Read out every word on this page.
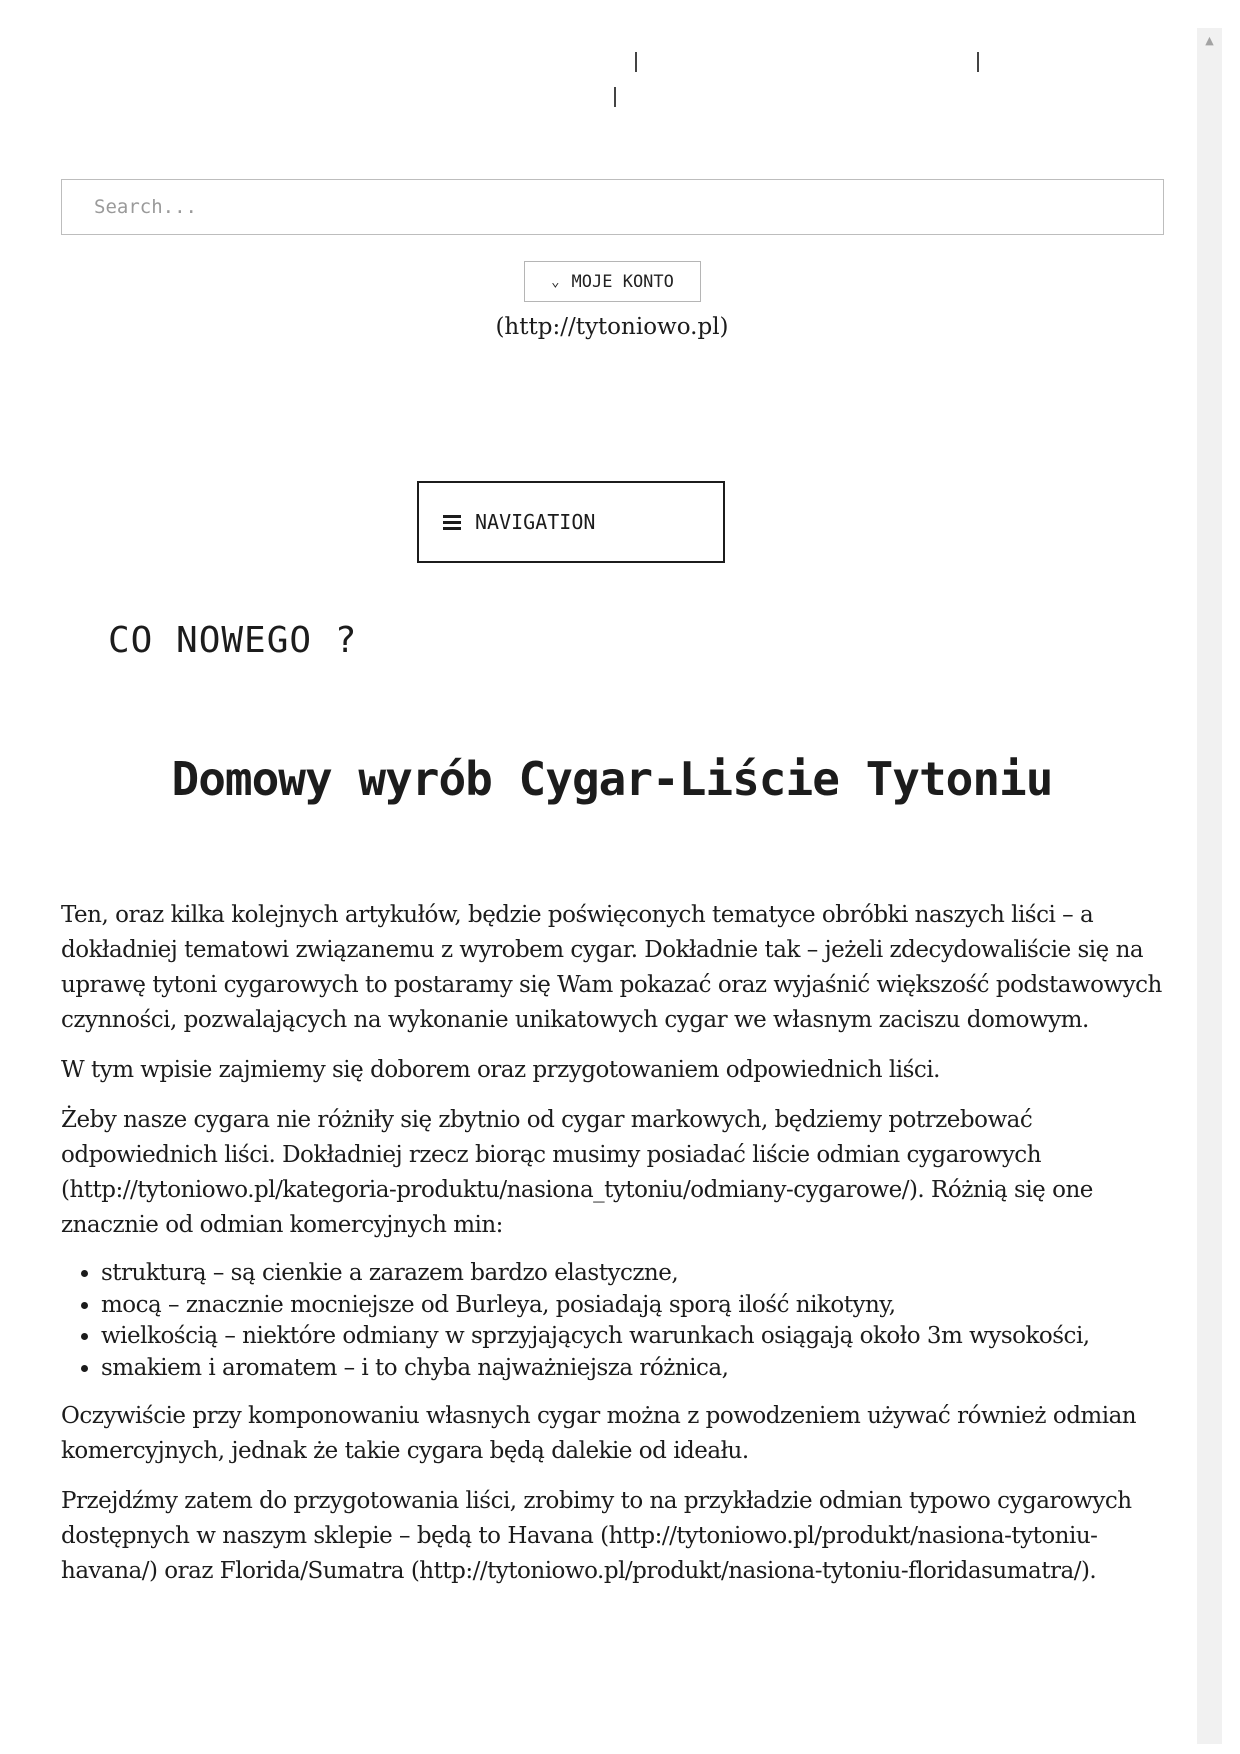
Search...
⌄ MOJE KONTO
(http://tytoniowo.pl)
NAVIGATION
CO NOWEGO ?
Domowy wyrób Cygar-Liście Tytoniu

Ten, oraz kilka kolejnych artykułów, będzie poświęconych tematyce obróbki naszych liści – a dokładniej tematowi związanemu z wyrobem cygar. Dokładnie tak – jeżeli zdecydowaliście się na uprawę tytoni cygarowych to postaramy się Wam pokazać oraz wyjaśnić większość podstawowych czynności, pozwalających na wykonanie unikatowych cygar we własnym zaciszu domowym.

W tym wpisie zajmiemy się doborem oraz przygotowaniem odpowiednich liści.

Żeby nasze cygara nie różniły się zbytnio od cygar markowych, będziemy potrzebować odpowiednich liści. Dokładniej rzecz biorąc musimy posiadać liście odmian cygarowych (http://tytoniowo.pl/kategoria-produktu/nasiona_tytoniu/odmiany-cygarowe/). Różnią się one znacznie od odmian komercyjnych min:

• strukturą – są cienkie a zarazem bardzo elastyczne,
• mocą – znacznie mocniejsze od Burleya, posiadają sporą ilość nikotyny,
• wielkością – niektóre odmiany w sprzyjających warunkach osiągają około 3m wysokości,
• smakiem i aromatem – i to chyba najważniejsza różnica,

Oczywiście przy komponowaniu własnych cygar można z powodzeniem używać również odmian komercyjnych, jednak że takie cygara będą dalekie od ideału.

Przejdźmy zatem do przygotowania liści, zrobimy to na przykładzie odmian typowo cygarowych dostępnych w naszym sklepie – będą to Havana (http://tytoniowo.pl/produkt/nasiona-tytoniu-havana/) oraz Florida/Sumatra (http://tytoniowo.pl/produkt/nasiona-tytoniu-floridasumatra/).

▲
